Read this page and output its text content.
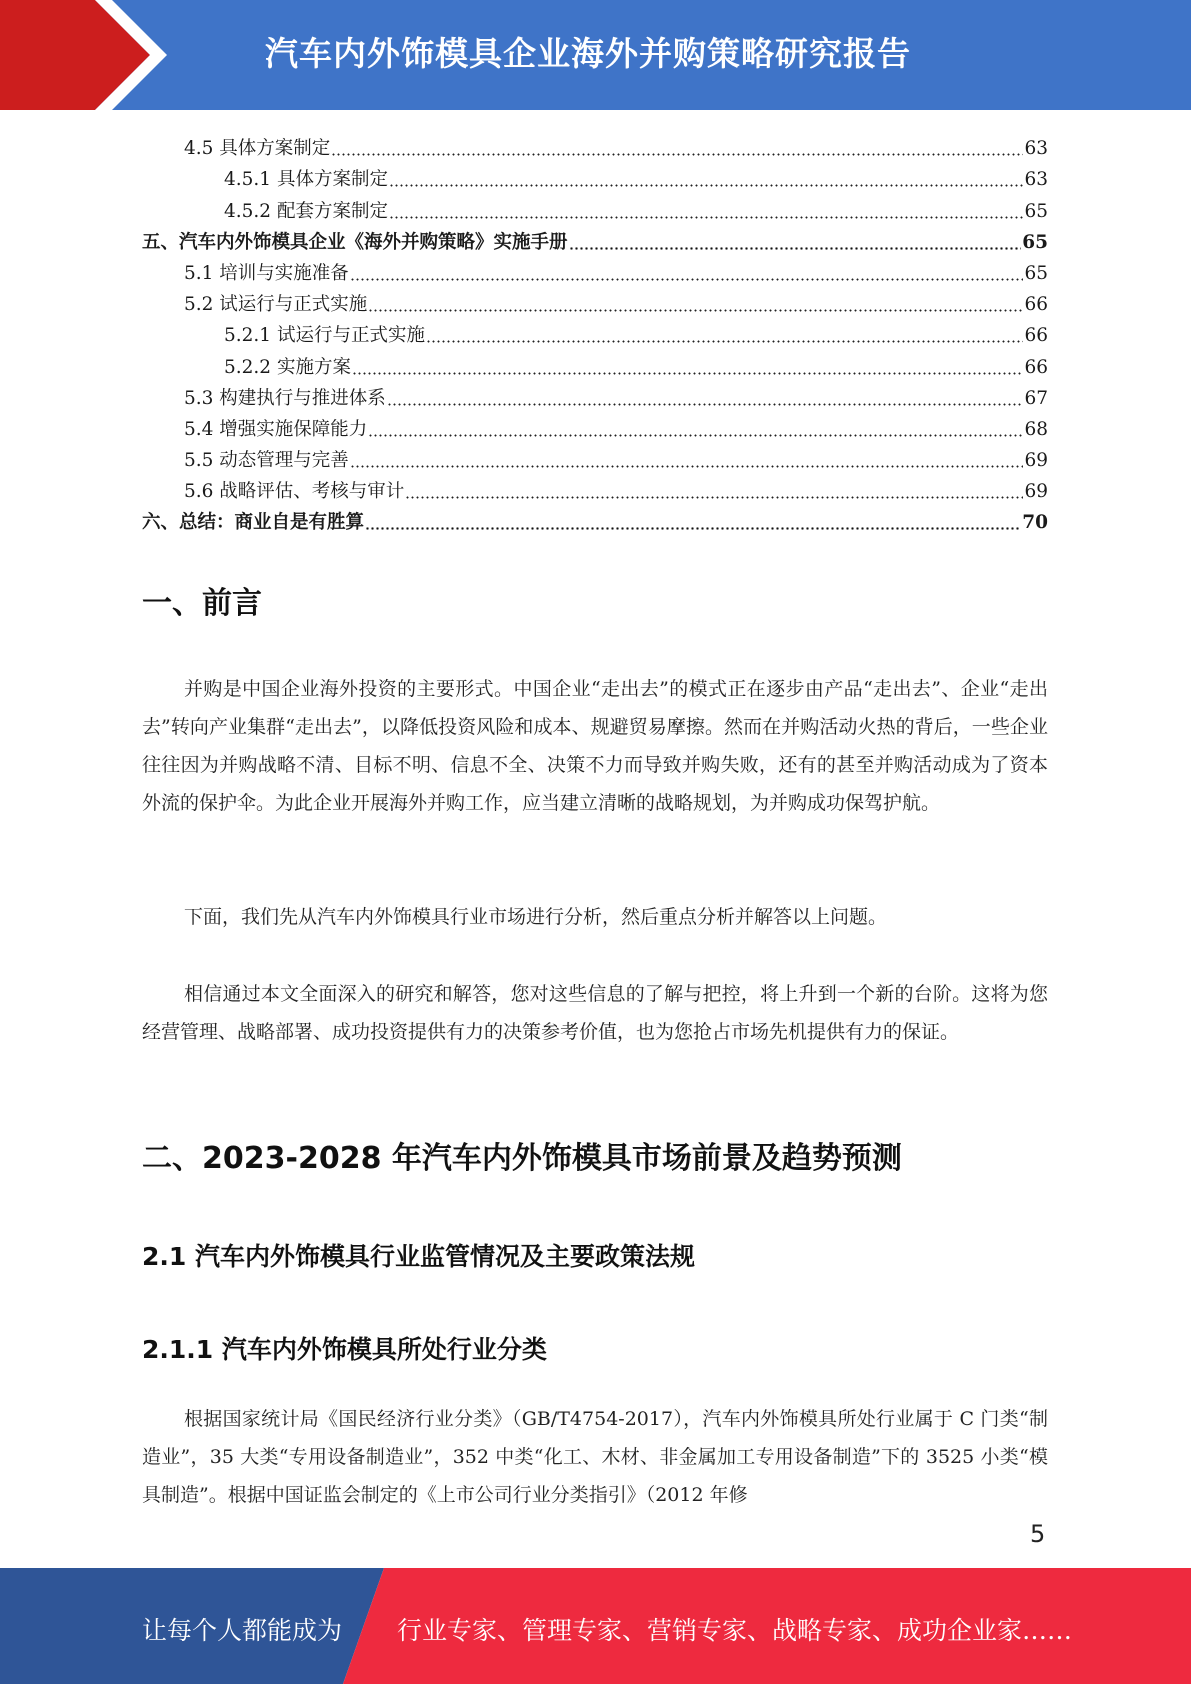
汽车内外饰模具企业海外并购策略研究报告
4.5 具体方案制定	63
4.5.1 具体方案制定	63
4.5.2 配套方案制定	65
五、汽车内外饰模具企业《海外并购策略》实施手册	65
5.1 培训与实施准备	65
5.2 试运行与正式实施	66
5.2.1 试运行与正式实施	66
5.2.2 实施方案	66
5.3 构建执行与推进体系	67
5.4 增强实施保障能力	68
5.5 动态管理与完善	69
5.6 战略评估、考核与审计	69
六、总结：商业自是有胜算	70
一、前言

并购是中国企业海外投资的主要形式。中国企业“走出去”的模式正在逐步由产品“走出去”、企业“走出去”转向产业集群“走出去”，以降低投资风险和成本、规避贸易摩擦。然而在并购活动火热的背后，一些企业往往因为并购战略不清、目标不明、信息不全、决策不力而导致并购失败，还有的甚至并购活动成为了资本外流的保护伞。为此企业开展海外并购工作，应当建立清晰的战略规划，为并购成功保驾护航。

下面，我们先从汽车内外饰模具行业市场进行分析，然后重点分析并解答以上问题。

相信通过本文全面深入的研究和解答，您对这些信息的了解与把控，将上升到一个新的台阶。这将为您经营管理、战略部署、成功投资提供有力的决策参考价值，也为您抢占市场先机提供有力的保证。

二、2023-2028 年汽车内外饰模具市场前景及趋势预测
2.1 汽车内外饰模具行业监管情况及主要政策法规
2.1.1 汽车内外饰模具所处行业分类

根据国家统计局《国民经济行业分类》（GB/T4754-2017），汽车内外饰模具所处行业属于 C 门类“制造业”，35 大类“专用设备制造业”，352 中类“化工、木材、非金属加工专用设备制造”下的 3525 小类“模具制造”。根据中国证监会制定的《上市公司行业分类指引》（2012 年修

5
让每个人都能成为 行业专家、管理专家、营销专家、战略专家、成功企业家……
